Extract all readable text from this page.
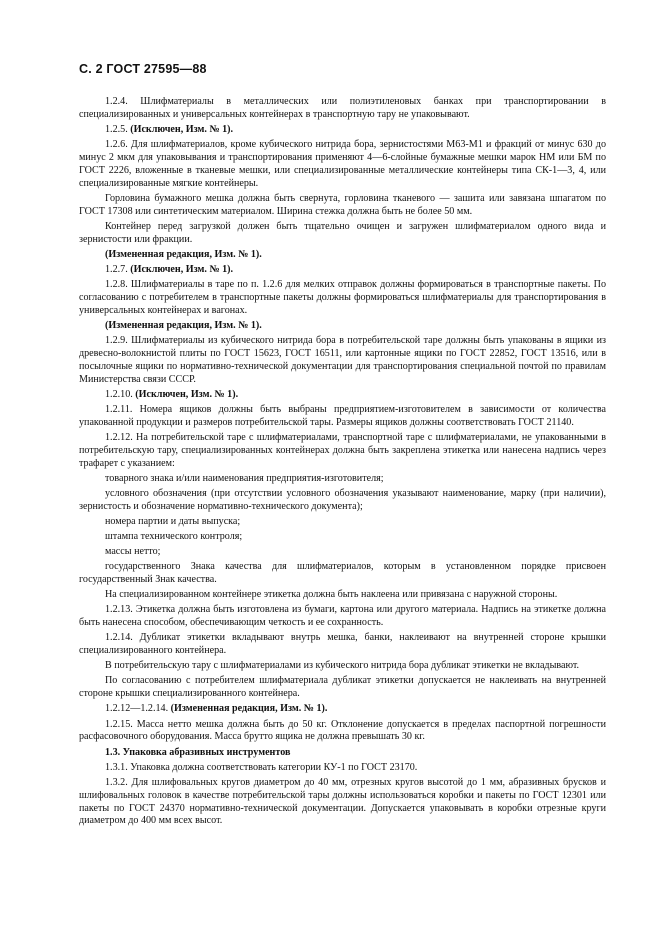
С. 2 ГОСТ 27595—88

1.2.4. Шлифматериалы в металлических или полиэтиленовых банках при транспортировании в специализированных и универсальных контейнерах в транспортную тару не упаковывают.

1.2.5. (Исключен, Изм. № 1).

1.2.6. Для шлифматериалов, кроме кубического нитрида бора, зернистостями М63-М1 и фракций от минус 630 до минус 2 мкм для упаковывания и транспортирования применяют 4—6-слойные бумажные мешки марок НМ или БМ по ГОСТ 2226, вложенные в тканевые мешки, или специализированные металлические контейнеры типа СК-1—3, 4, или специализированные мягкие контейнеры.

Горловина бумажного мешка должна быть свернута, горловина тканевого — зашита или завязана шпагатом по ГОСТ 17308 или синтетическим материалом. Ширина стежка должна быть не более 50 мм.

Контейнер перед загрузкой должен быть тщательно очищен и загружен шлифматериалом одного вида и зернистости или фракции.

(Измененная редакция, Изм. № 1).

1.2.7. (Исключен, Изм. № 1).

1.2.8. Шлифматериалы в таре по п. 1.2.6 для мелких отправок должны формироваться в транспортные пакеты. По согласованию с потребителем в транспортные пакеты должны формироваться шлифматериалы для транспортирования в универсальных контейнерах и вагонах.

(Измененная редакция, Изм. № 1).

1.2.9. Шлифматериалы из кубического нитрида бора в потребительской таре должны быть упакованы в ящики из древесно-волокнистой плиты по ГОСТ 15623, ГОСТ 16511, или картонные ящики по ГОСТ 22852, ГОСТ 13516, или в посылочные ящики по нормативно-технической документации для транспортирования специальной почтой по правилам Министерства связи СССР.

1.2.10. (Исключен, Изм. № 1).

1.2.11. Номера ящиков должны быть выбраны предприятием-изготовителем в зависимости от количества упакованной продукции и размеров потребительской тары. Размеры ящиков должны соответствовать ГОСТ 21140.

1.2.12. На потребительской таре с шлифматериалами, транспортной таре с шлифматериалами, не упакованными в потребительскую тару, специализированных контейнерах должна быть закреплена этикетка или нанесена надпись через трафарет с указанием:

товарного знака и/или наименования предприятия-изготовителя;

условного обозначения (при отсутствии условного обозначения указывают наименование, марку (при наличии), зернистость и обозначение нормативно-технического документа);

номера партии и даты выпуска;

штампа технического контроля;

массы нетто;

государственного Знака качества для шлифматериалов, которым в установленном порядке присвоен государственный Знак качества.

На специализированном контейнере этикетка должна быть наклеена или привязана с наружной стороны.

1.2.13. Этикетка должна быть изготовлена из бумаги, картона или другого материала. Надпись на этикетке должна быть нанесена способом, обеспечивающим четкость и ее сохранность.

1.2.14. Дубликат этикетки вкладывают внутрь мешка, банки, наклеивают на внутренней стороне крышки специализированного контейнера.

В потребительскую тару с шлифматериалами из кубического нитрида бора дубликат этикетки не вкладывают.

По согласованию с потребителем шлифматериала дубликат этикетки допускается не наклеивать на внутренней стороне крышки специализированного контейнера.

1.2.12—1.2.14. (Измененная редакция, Изм. № 1).

1.2.15. Масса нетто мешка должна быть до 50 кг. Отклонение допускается в пределах паспортной погрешности расфасовочного оборудования. Масса брутто ящика не должна превышать 30 кг.

1.3. Упаковка абразивных инструментов

1.3.1. Упаковка должна соответствовать категории КУ-1 по ГОСТ 23170.

1.3.2. Для шлифовальных кругов диаметром до 40 мм, отрезных кругов высотой до 1 мм, абразивных брусков и шлифовальных головок в качестве потребительской тары должны использоваться коробки и пакеты по ГОСТ 12301 или пакеты по ГОСТ 24370 нормативно-технической документации. Допускается упаковывать в коробки отрезные круги диаметром до 400 мм всех высот.
